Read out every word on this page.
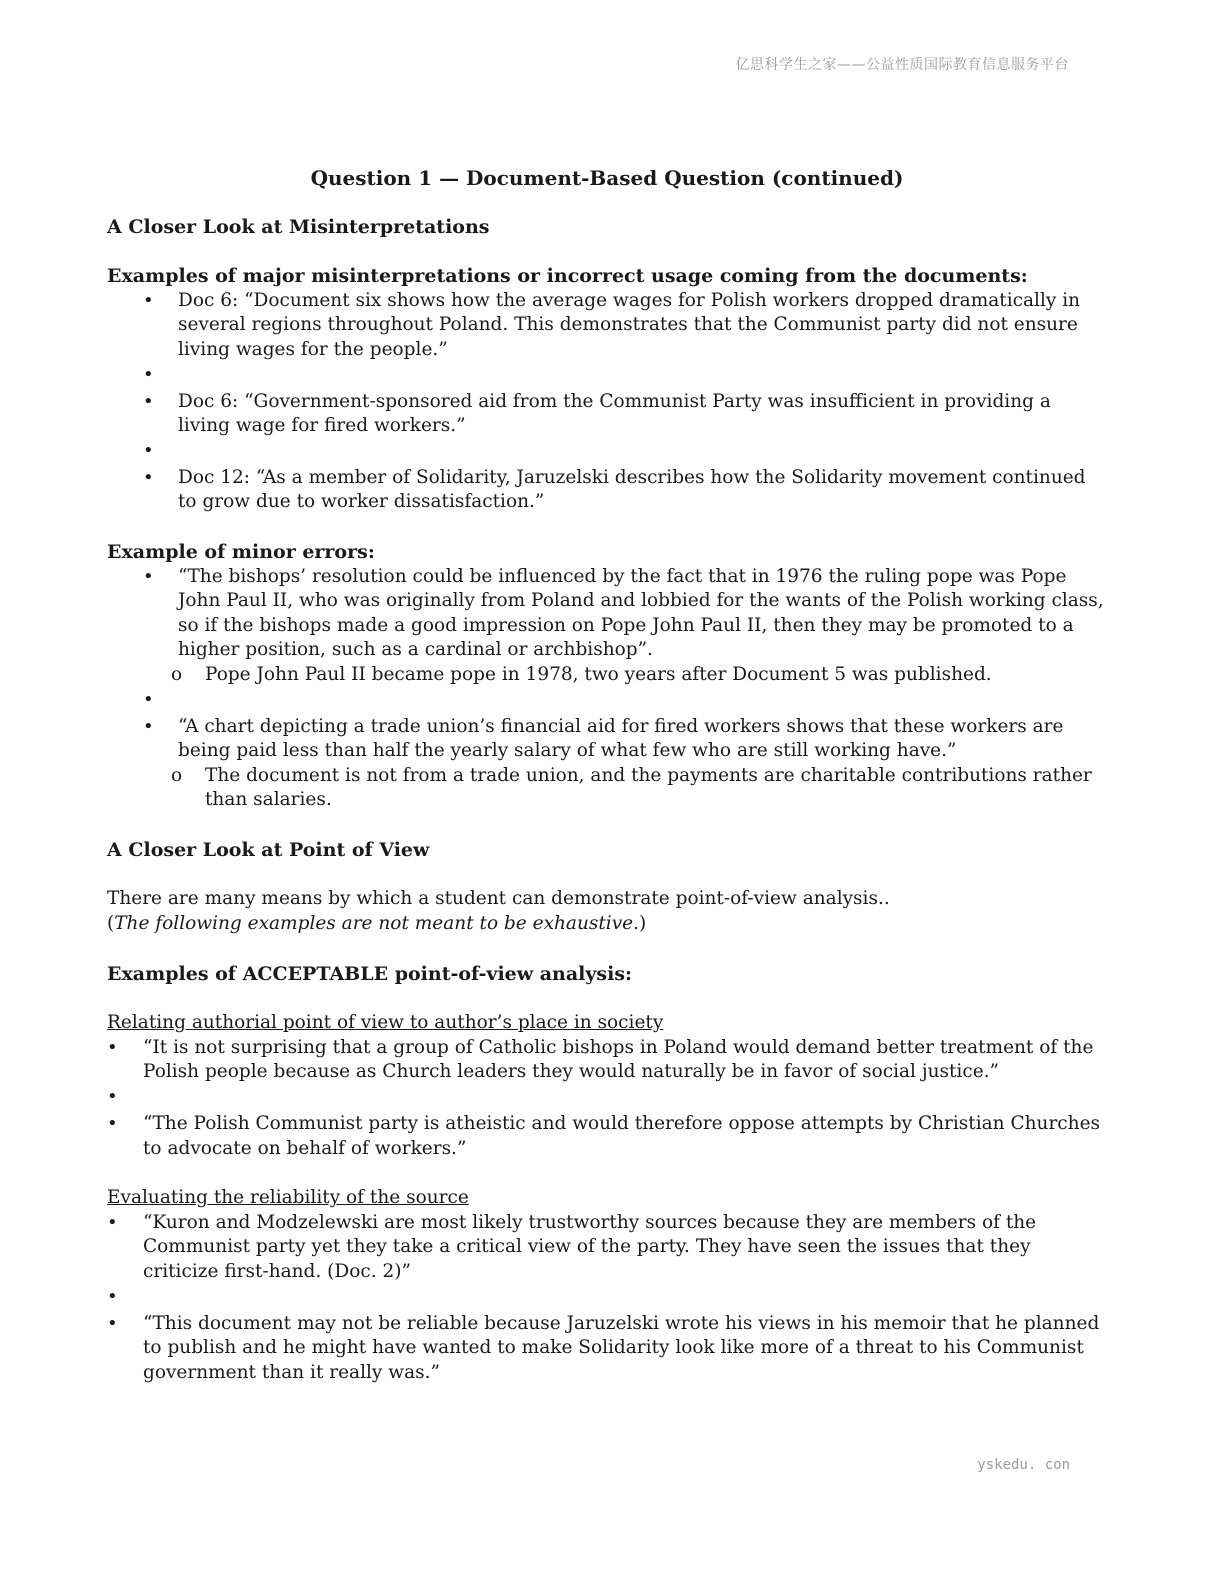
亿思科学生之家——公益性质国际教育信息服务平台

Question 1 — Document-Based Question (continued)

A Closer Look at Misinterpretations

Examples of major misinterpretations or incorrect usage coming from the documents:

• Doc 6: “Document six shows how the average wages for Polish workers dropped dramatically in several regions throughout Poland. This demonstrates that the Communist party did not ensure living wages for the people.”
•
• Doc 6: “Government-sponsored aid from the Communist Party was insufficient in providing a living wage for fired workers.”
•
• Doc 12: “As a member of Solidarity, Jaruzelski describes how the Solidarity movement continued to grow due to worker dissatisfaction.”

Example of minor errors:

• “The bishops’ resolution could be influenced by the fact that in 1976 the ruling pope was Pope John Paul II, who was originally from Poland and lobbied for the wants of the Polish working class, so if the bishops made a good impression on Pope John Paul II, then they may be promoted to a higher position, such as a cardinal or archbishop”.
o Pope John Paul II became pope in 1978, two years after Document 5 was published.
•
• “A chart depicting a trade union’s financial aid for fired workers shows that these workers are being paid less than half the yearly salary of what few who are still working have.”
o The document is not from a trade union, and the payments are charitable contributions rather than salaries.

A Closer Look at Point of View

There are many means by which a student can demonstrate point-of-view analysis..

(The following examples are not meant to be exhaustive.)

Examples of ACCEPTABLE point-of-view analysis:

Relating authorial point of view to author’s place in society

• “It is not surprising that a group of Catholic bishops in Poland would demand better treatment of the Polish people because as Church leaders they would naturally be in favor of social justice.”
•
• “The Polish Communist party is atheistic and would therefore oppose attempts by Christian Churches to advocate on behalf of workers.”

Evaluating the reliability of the source

• “Kuron and Modzelewski are most likely trustworthy sources because they are members of the Communist party yet they take a critical view of the party. They have seen the issues that they criticize first-hand. (Doc. 2)”
•
• “This document may not be reliable because Jaruzelski wrote his views in his memoir that he planned to publish and he might have wanted to make Solidarity look like more of a threat to his Communist government than it really was.”
yskedu. con
